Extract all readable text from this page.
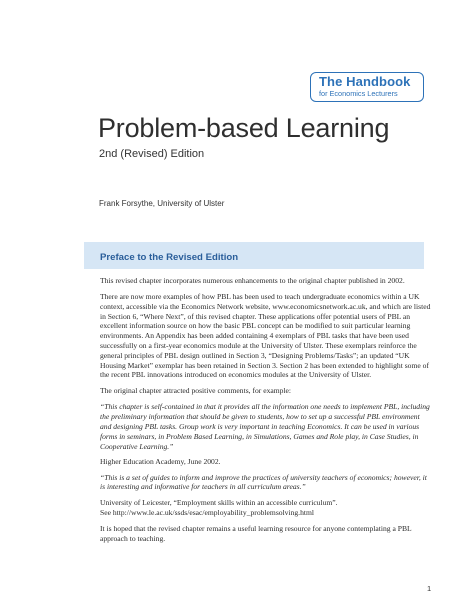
The Handbook
for Economics Lecturers
Problem-based Learning
2nd (Revised) Edition
Frank Forsythe, University of Ulster
Preface to the Revised Edition

This revised chapter incorporates numerous enhancements to the original chapter published in 2002.

There are now more examples of how PBL has been used to teach undergraduate economics within a UK context, accessible via the Economics Network website, www.economicsnetwork.ac.uk, and which are listed in Section 6, “Where Next”, of this revised chapter. These applications offer potential users of PBL an excellent information source on how the basic PBL concept can be modified to suit particular learning environments. An Appendix has been added containing 4 exemplars of PBL tasks that have been used successfully on a first-year economics module at the University of Ulster. These exemplars reinforce the general principles of PBL design outlined in Section 3, “Designing Problems/Tasks”; an updated “UK Housing Market” exemplar has been retained in Section 3. Section 2 has been extended to highlight some of the recent PBL innovations introduced on economics modules at the University of Ulster.

The original chapter attracted positive comments, for example:

“This chapter is self-contained in that it provides all the information one needs to implement PBL, including the preliminary information that should be given to students, how to set up a successful PBL environment and designing PBL tasks. Group work is very important in teaching Economics. It can be used in various forms in seminars, in Problem Based Learning, in Simulations, Games and Role play, in Case Studies, in Cooperative Learning.”

Higher Education Academy, June 2002.

“This is a set of guides to inform and improve the practices of university teachers of economics; however, it is interesting and informative for teachers in all curriculum areas.”

University of Leicester, “Employment skills within an accessible curriculum”.

See http://www.le.ac.uk/ssds/esac/employability_problemsolving.html

It is hoped that the revised chapter remains a useful learning resource for anyone contemplating a PBL approach to teaching.

1
